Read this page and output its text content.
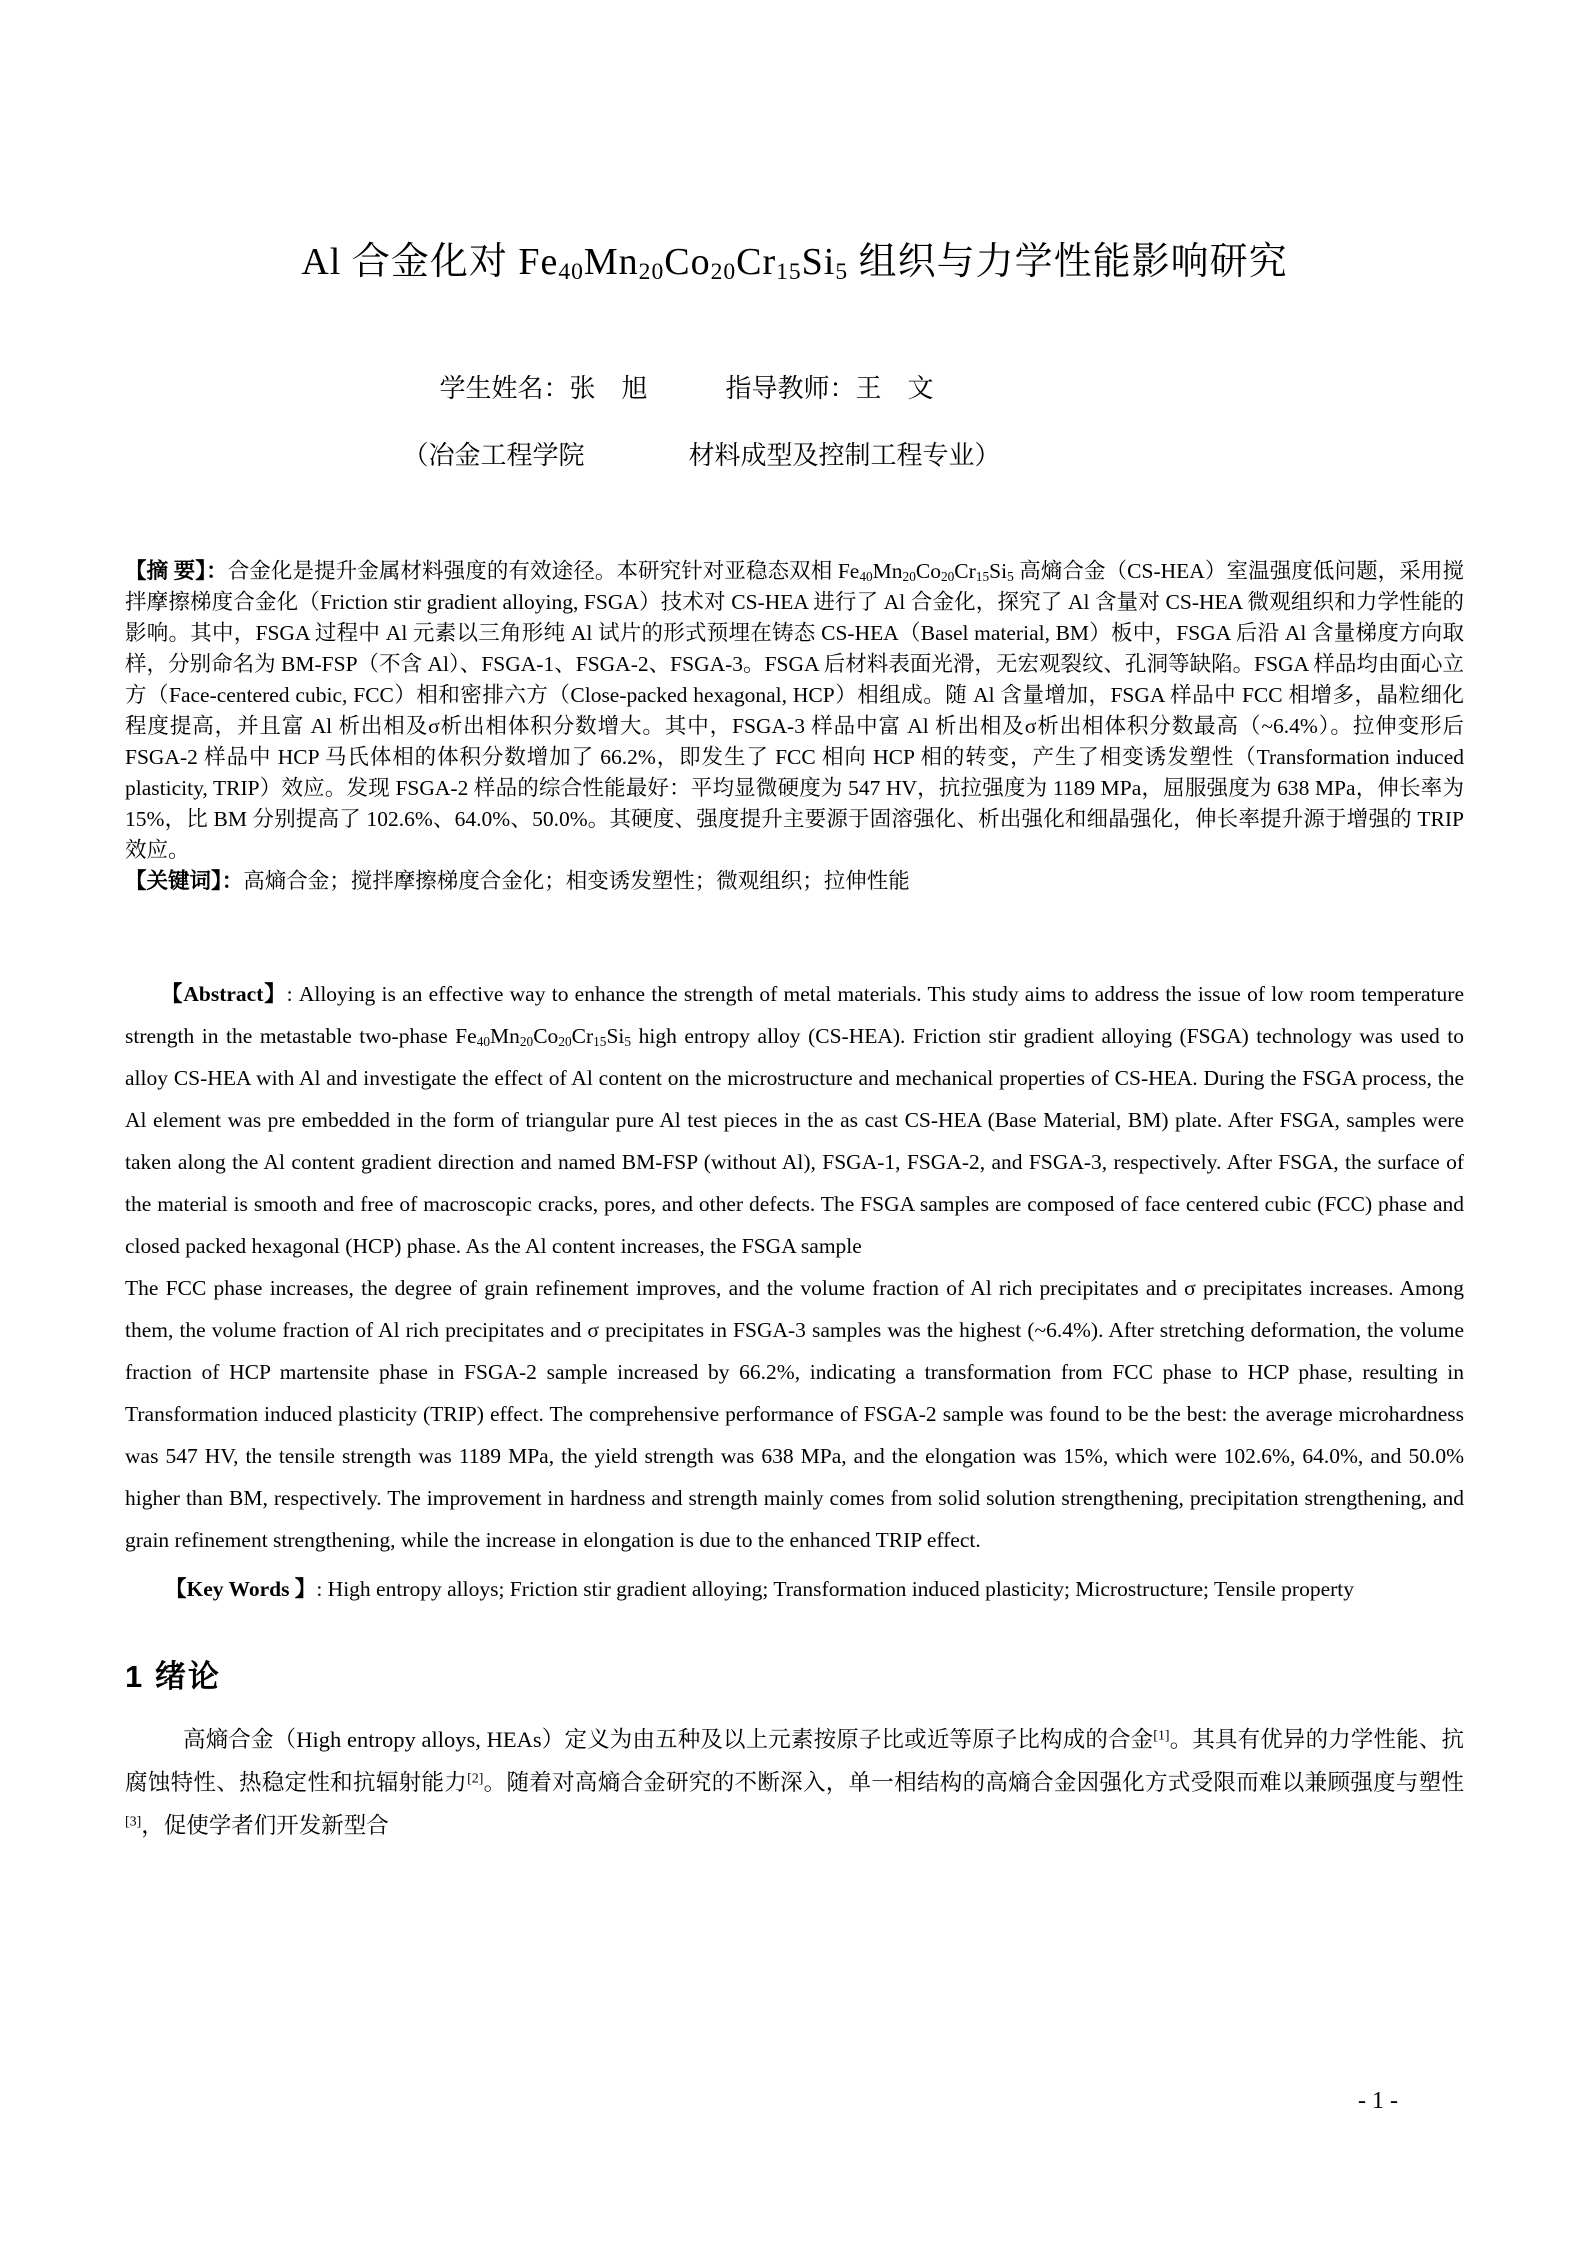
Al 合金化对 $Fe_{40}Mn_{20}Co_{20}Cr_{15}Si_5$ 组织与力学性能影响研究

学生姓名：张　旭　　　指导教师：王　文

（冶金工程学院　　　　材料成型及控制工程专业）

【摘 要】：合金化是提升金属材料强度的有效途径。本研究针对亚稳态双相 $Fe_{40}Mn_{20}Co_{20}Cr_{15}Si_5$ 高熵合金（CS-HEA）室温强度低问题，采用搅拌摩擦梯度合金化（Friction stir gradient alloying, FSGA）技术对 CS-HEA 进行了 Al 合金化，探究了 Al 含量对 CS-HEA 微观组织和力学性能的影响。其中，FSGA 过程中 Al 元素以三角形纯 Al 试片的形式预埋在铸态 CS-HEA（Basel material, BM）板中，FSGA 后沿 Al 含量梯度方向取样，分别命名为 BM-FSP（不含 Al）、FSGA-1、FSGA-2、FSGA-3。FSGA 后材料表面光滑，无宏观裂纹、孔洞等缺陷。FSGA 样品均由面心立方（Face-centered cubic, FCC）相和密排六方（Close-packed hexagonal, HCP）相组成。随 Al 含量增加，FSGA 样品中 FCC 相增多，晶粒细化程度提高，并且富 Al 析出相及σ析出相体积分数增大。其中，FSGA-3 样品中富 Al 析出相及σ析出相体积分数最高（~6.4%）。拉伸变形后 FSGA-2 样品中 HCP 马氏体相的体积分数增加了 66.2%，即发生了 FCC 相向 HCP 相的转变，产生了相变诱发塑性（Transformation induced plasticity, TRIP）效应。发现 FSGA-2 样品的综合性能最好：平均显微硬度为 547 HV，抗拉强度为 1189 MPa，屈服强度为 638 MPa，伸长率为 15%，比 BM 分别提高了 102.6%、64.0%、50.0%。其硬度、强度提升主要源于固溶强化、析出强化和细晶强化，伸长率提升源于增强的 TRIP 效应。

【关键词】：高熵合金；搅拌摩擦梯度合金化；相变诱发塑性；微观组织；拉伸性能

【Abstract】: Alloying is an effective way to enhance the strength of metal materials. This study aims to address the issue of low room temperature strength in the metastable two-phase $Fe_{40}Mn_{20}Co_{20}Cr_{15}Si_5$ high entropy alloy (CS-HEA). Friction stir gradient alloying (FSGA) technology was used to alloy CS-HEA with Al and investigate the effect of Al content on the microstructure and mechanical properties of CS-HEA. During the FSGA process, the Al element was pre embedded in the form of triangular pure Al test pieces in the as cast CS-HEA (Base Material, BM) plate. After FSGA, samples were taken along the Al content gradient direction and named BM-FSP (without Al), FSGA-1, FSGA-2, and FSGA-3, respectively. After FSGA, the surface of the material is smooth and free of macroscopic cracks, pores, and other defects. The FSGA samples are composed of face centered cubic (FCC) phase and closed packed hexagonal (HCP) phase. As the Al content increases, the FSGA sample

The FCC phase increases, the degree of grain refinement improves, and the volume fraction of Al rich precipitates and σ precipitates increases. Among them, the volume fraction of Al rich precipitates and σ precipitates in FSGA-3 samples was the highest (~6.4%). After stretching deformation, the volume fraction of HCP martensite phase in FSGA-2 sample increased by 66.2%, indicating a transformation from FCC phase to HCP phase, resulting in Transformation induced plasticity (TRIP) effect. The comprehensive performance of FSGA-2 sample was found to be the best: the average microhardness was 547 HV, the tensile strength was 1189 MPa, the yield strength was 638 MPa, and the elongation was 15%, which were 102.6%, 64.0%, and 50.0% higher than BM, respectively. The improvement in hardness and strength mainly comes from solid solution strengthening, precipitation strengthening, and grain refinement strengthening, while the increase in elongation is due to the enhanced TRIP effect.

【Key Words 】: High entropy alloys; Friction stir gradient alloying; Transformation induced plasticity; Microstructure; Tensile property

1 绪论

高熵合金（High entropy alloys, HEAs）定义为由五种及以上元素按原子比或近等原子比构成的合金[1]。其具有优异的力学性能、抗腐蚀特性、热稳定性和抗辐射能力[2]。随着对高熵合金研究的不断深入，单一相结构的高熵合金因强化方式受限而难以兼顾强度与塑性[3]，促使学者们开发新型合

- 1 -
